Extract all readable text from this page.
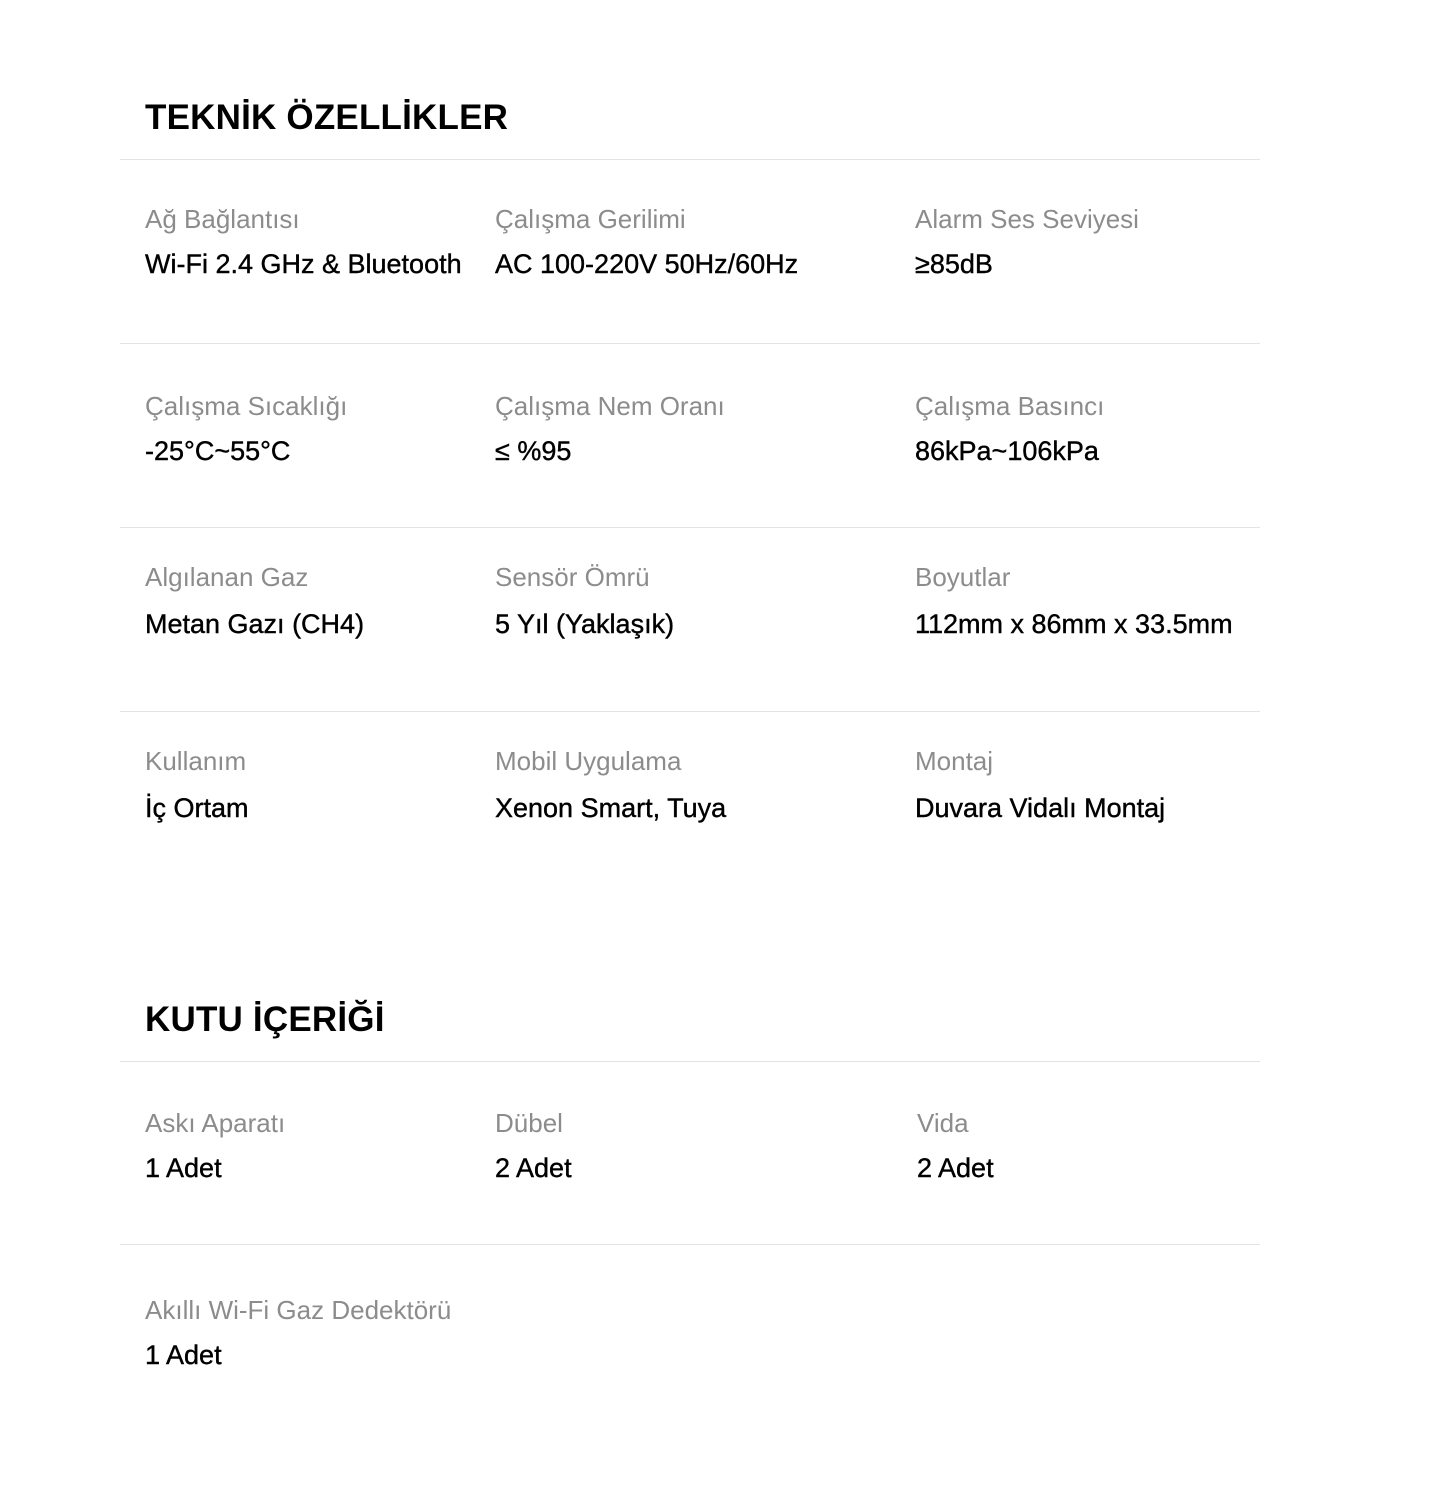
TEKNİK ÖZELLİKLER
Ağ Bağlantısı
Wi-Fi 2.4 GHz & Bluetooth
Çalışma Gerilimi
AC 100-220V 50Hz/60Hz
Alarm Ses Seviyesi
≥85dB
Çalışma Sıcaklığı
-25°C~55°C
Çalışma Nem Oranı
≤ %95
Çalışma Basıncı
86kPa~106kPa
Algılanan Gaz
Metan Gazı (CH4)
Sensör Ömrü
5 Yıl (Yaklaşık)
Boyutlar
112mm x 86mm x 33.5mm
Kullanım
İç Ortam
Mobil Uygulama
Xenon Smart, Tuya
Montaj
Duvara Vidalı Montaj
KUTU İÇERİĞİ
Askı Aparatı
1 Adet
Dübel
2 Adet
Vida
2 Adet
Akıllı Wi-Fi Gaz Dedektörü
1 Adet
